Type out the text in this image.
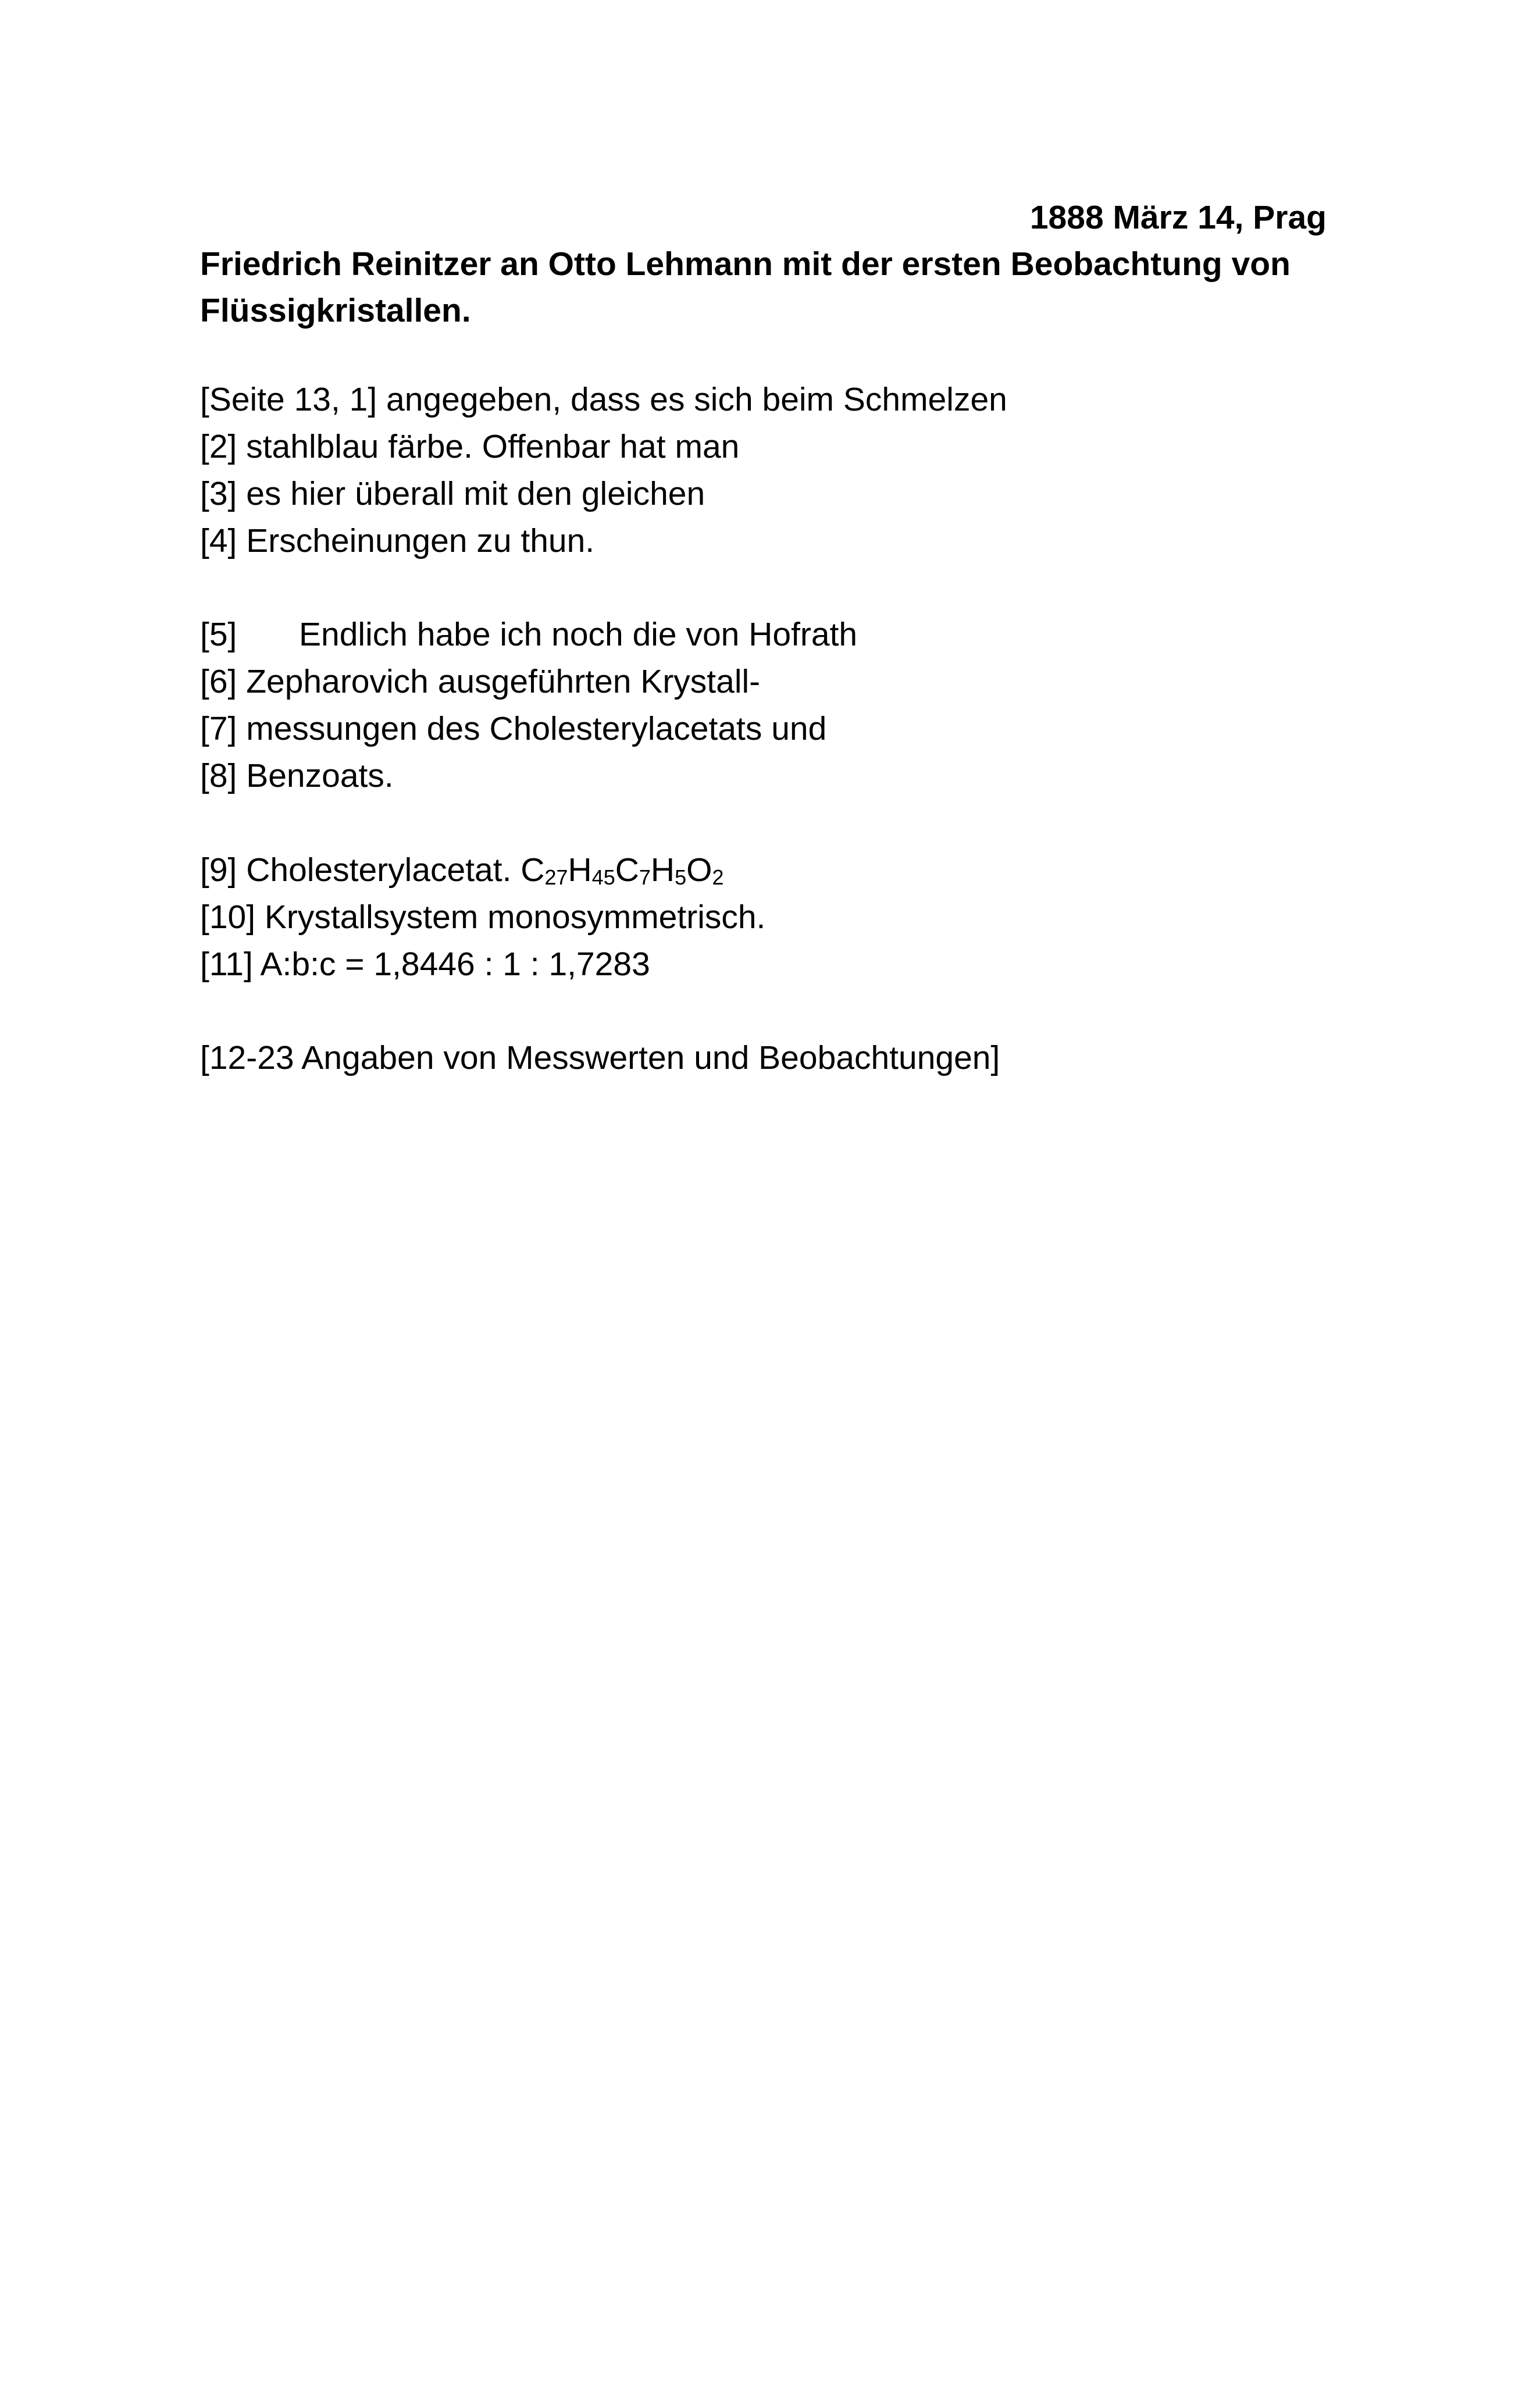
1888 März 14, Prag
Friedrich Reinitzer an Otto Lehmann mit der ersten Beobachtung von Flüssigkristallen.
[Seite 13, 1] angegeben, dass es sich beim Schmelzen
[2] stahlblau färbe. Offenbar hat man
[3] es hier überall mit den gleichen
[4] Erscheinungen zu thun.
[5] Endlich habe ich noch die von Hofrath
[6] Zepharovich ausgeführten Krystall-
[7] messungen des Cholesterylacetats und
[8] Benzoats.
[9] Cholesterylacetat. $C_{27}H_{45}C_7H_5O_2$
[10] Krystallsystem monosymmetrisch.
[11] A:b:c = 1,8446 : 1 : 1,7283
[12-23 Angaben von Messwerten und Beobachtungen]
